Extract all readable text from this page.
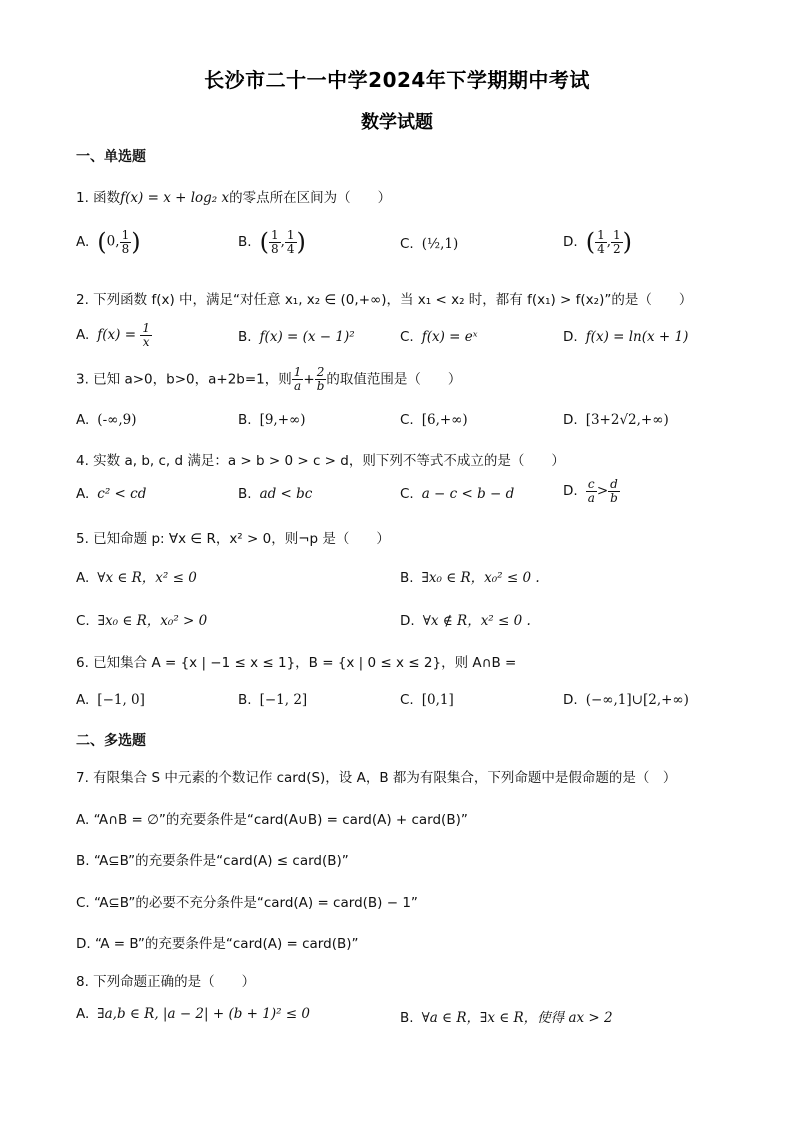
长沙市二十一中学2024年下学期期中考试
数学试题
一、单选题
1. 函数f(x) = x + log₂ x的零点所在区间为（　　）
A. (0, $\frac{1}{8}$ )	B. ( $\frac{1}{8}$ , $\frac{1}{4}$ )	C. (½,1)	D. ( $\frac{1}{4}$ , $\frac{1}{2}$ )
2. 下列函数 f(x) 中，满足“对任意 x₁, x₂ ∈ (0,+∞)，当 x₁ < x₂ 时，都有 f(x₁) > f(x₂)”的是（　　）
A. $f(x) = \frac{1}{x}$	B. f(x) = (x − 1)²	C. f(x) = eˣ	D. f(x) = ln(x + 1)
3. 已知 a>0，b>0，a+2b=1，则 $\frac{1}{a} + \frac{2}{b}$ 的取值范围是（　　）
A. (-∞,9)	B. [9,+∞)	C. [6,+∞)	D. [3+2√2,+∞)
4. 实数 a, b, c, d 满足：a > b > 0 > c > d，则下列不等式不成立的是（　　）
A. c² < cd	B. ad < bc	C. a − c < b − d	D. $\frac{c}{a} > \frac{d}{b}$
5. 已知命题 p: ∀x ∈ R，x² > 0，则¬p 是（　　）
A. ∀x ∈ R，x² ≤ 0	B. ∃x₀ ∈ R，x₀² ≤ 0 .
C. ∃x₀ ∈ R，x₀² > 0	D. ∀x ∉ R，x² ≤ 0 .
6. 已知集合 A = {x | −1 ≤ x ≤ 1}，B = {x | 0 ≤ x ≤ 2}，则 A∩B =
A. [−1, 0]	B. [−1, 2]	C. [0,1]	D. (−∞,1]∪[2,+∞)
二、多选题
7. 有限集合 S 中元素的个数记作 card(S)，设 A，B 都为有限集合，下列命题中是假命题的是（　）
A. “A∩B = ∅”的充要条件是“card(A∪B) = card(A) + card(B)”
B. “A⊆B”的充要条件是“card(A) ≤ card(B)”
C. “A⊆B”的必要不充分条件是“card(A) = card(B) − 1”
D. “A = B”的充要条件是“card(A) = card(B)”
8. 下列命题正确的是（　　）
A. ∃a,b ∈ R, |a − 2| + (b + 1)² ≤ 0	B. ∀a ∈ R，∃x ∈ R，使得 ax > 2
